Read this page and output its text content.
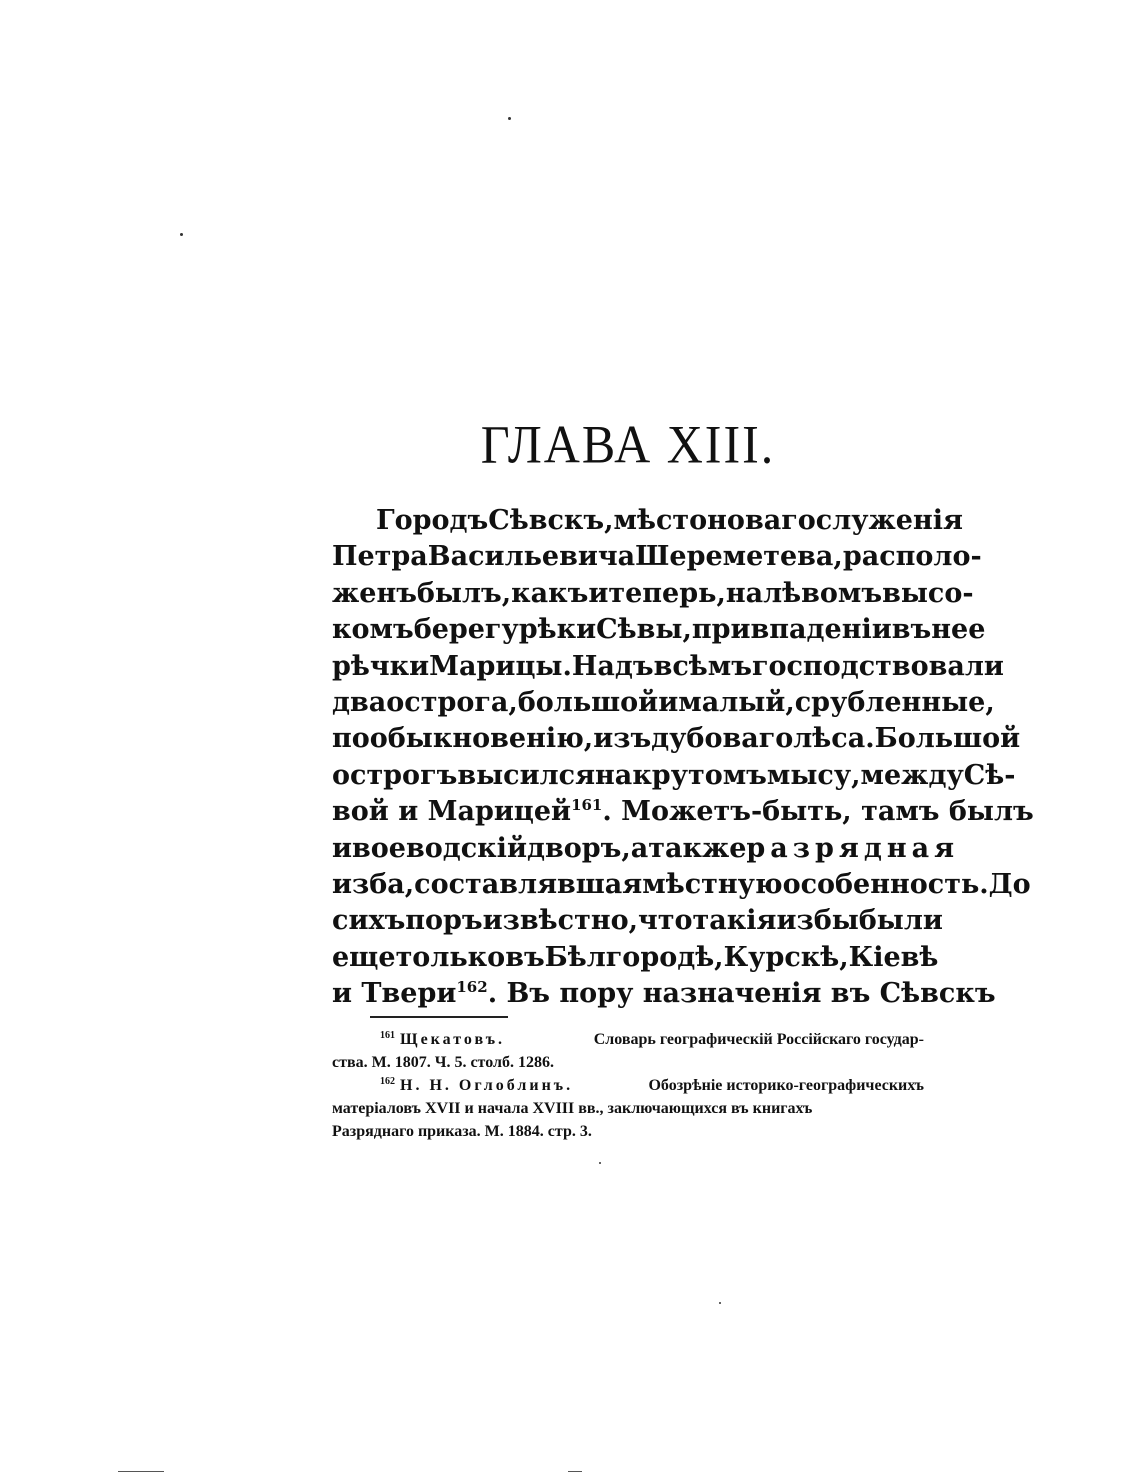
ГЛАВА XIII.
Городъ Сѣвскъ, мѣсто новаго служенія
Петра Васильевича Шереметева, располо-
женъ былъ, какъ и теперь, на лѣвомъ высо-
комъ берегу рѣки Сѣвы, при впаденіи въ нее
рѣчки Марицы. Надъ всѣмъ господствовали
два острога, большой и малый, срубленные,
по обыкновенію, изъ дубоваго лѣса. Большой
острогъ высился на крутомъ мысу, между Сѣ-
вой и Марицей$^{161}$. Можетъ-быть, тамъ былъ
и воеводскій дворъ, а также разрядная
изба, составлявшая мѣстную особенность. До
сихъ поръ извѣстно, что такія избы были
еще только въ Бѣлгородѣ, Курскѣ, Кіевѣ
и Твери$^{162}$. Въ пору назначенія въ Сѣвскъ
$^{161}$ Щекатовъ.	Словарь географическій Россійскаго государ-
ства. М. 1807. Ч. 5. столб. 1286.
$^{162}$ Н. Н. Оглоблинъ.	Обозрѣніе историко-географическихъ
матеріаловъ XVII и начала XVIII вв., заключающихся въ книгахъ
Разряднаго приказа. М. 1884. стр. 3.
